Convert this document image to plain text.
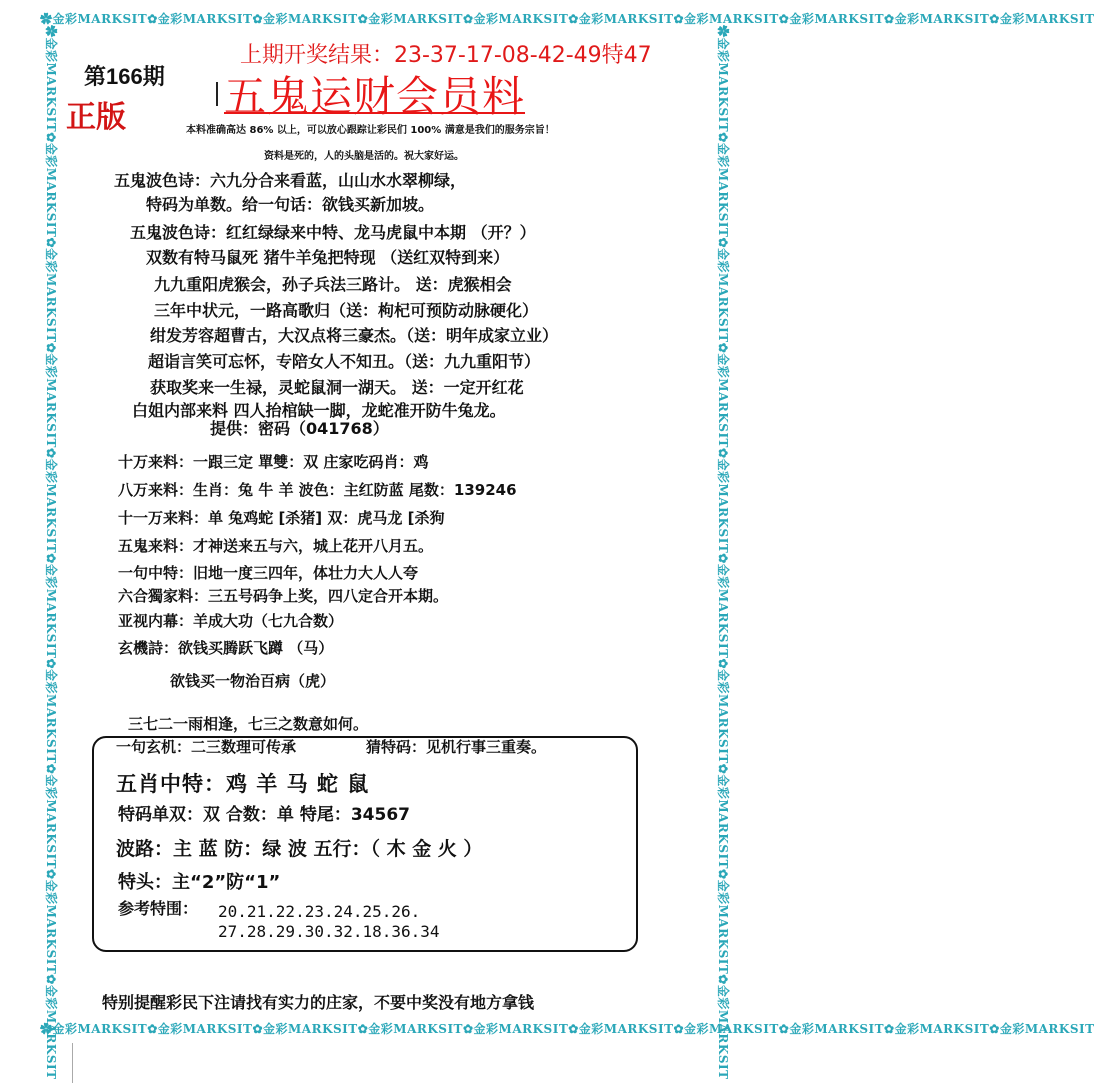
✿金彩MARKSIT✿金彩MARKSIT✿金彩MARKSIT✿金彩MARKSIT✿金彩MARKSIT✿金彩MARKSIT✿金彩MARKSIT✿金彩MARKSIT✿金彩MARKSIT✿金彩MARKSIT
✿金彩MARKSIT✿金彩MARKSIT✿金彩MARKSIT✿金彩MARKSIT✿金彩MARKSIT✿金彩MARKSIT✿金彩MARKSIT✿金彩MARKSIT✿金彩MARKSIT✿金彩MARKSIT
✿金彩MARKSIT✿金彩MARKSIT✿金彩MARKSIT✿金彩MARKSIT✿金彩MARKSIT✿金彩MARKSIT✿金彩MARKSIT✿金彩MARKSIT✿金彩MARKSIT✿金彩MARKSIT	✿金彩MARKSIT✿金彩MARKSIT✿金彩MARKSIT✿金彩MARKSIT✿金彩MARKSIT✿金彩MARKSIT✿金彩MARKSIT✿金彩MARKSIT✿金彩MARKSIT✿金彩MARKSIT
第166期
正版
上期开奖结果：23-37-17-08-42-49特47
五鬼运财会员料
本料准确高达 86% 以上，可以放心跟踪让彩民们 100% 满意是我们的服务宗旨！
资料是死的，人的头脑是活的。祝大家好运。
五鬼波色诗：六九分合来看蓝，山山水水翠柳绿，
特码为单数。给一句话：欲钱买新加坡。
五鬼波色诗：红红绿绿来中特、龙马虎鼠中本期 （开？）
双数有特马鼠死 猪牛羊兔把特现 （送红双特到来）
九九重阳虎猴会，孙子兵法三路计。 送：虎猴相会
三年中状元，一路高歌归（送：枸杞可预防动脉硬化）
绀发芳容超曹古，大汉点将三豪杰。（送：明年成家立业）
超诣言笑可忘怀，专陪女人不知丑。（送：九九重阳节）
获取奖来一生禄，灵蛇鼠洞一湖天。 送：一定开红花
白姐内部来料 四人抬棺缺一脚，龙蛇准开防牛兔龙。
提供：密码（041768）
十万来料：一跟三定 單雙：双 庄家吃码肖：鸡
八万来料：生肖：兔 牛 羊 波色：主红防蓝 尾数：139246
十一万来料：单 兔鸡蛇 [杀猪] 双：虎马龙 [杀狗
五鬼来料：才神送来五与六，城上花开八月五。
一句中特：旧地一度三四年，体壮力大人人夸
六合獨家料：三五号码争上奖，四八定合开本期。
亚视内幕：羊成大功（七九合数）
玄機詩：欲钱买腾跃飞蹲 （马）
欲钱买一物治百病（虎）
三七二一雨相逢，七三之数意如何。
一句玄机：二三数理可传承	猜特码：见机行事三重奏。
五肖中特：鸡 羊 马 蛇 鼠
特码单双：双 合数：单 特尾：34567
波路：主 蓝 防：绿 波 五行：（ 木 金 火 ）
特头：主“2”防“1”
参考特围： 20.21.22.23.24.25.26.
27.28.29.30.32.18.36.34
特别提醒彩民下注请找有实力的庄家，不要中奖没有地方拿钱
